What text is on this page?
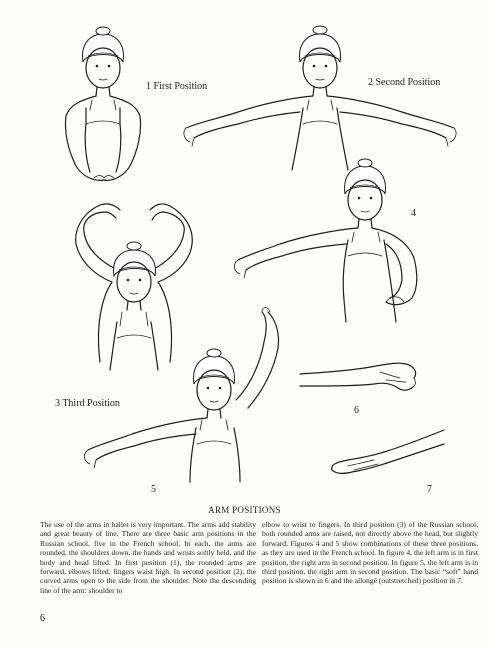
1 First Position	2 Second Position
3 Third Position
4
5
6
7
ARM POSITIONS
The use of the arms in ballet is very important. The arms add stability and great beauty of line. There are three basic arm positions in the Russian school, five in the French school. In each, the arms are rounded, the shoulders down, the hands and wrists softly held, and the body and head lifted. In first position (1), the rounded arms are forward, elbows lifted, fingers waist high. In second position (2), the curved arms open to the side from the shoulder. Note the descending line of the arm: shoulder to
elbow to wrist to fingers. In third position (3) of the Russian school, both rounded arms are raised, not directly above the head, but slightly forward. Figures 4 and 5 show combinations of these three positions, as they are used in the French school. In figure 4, the left arm is in first position, the right arm in second position. In figure 5, the left arm is in third position, the right arm in second position. The basic “soft” hand position is shown in 6 and the allongé (outstretched) position in 7.
6
